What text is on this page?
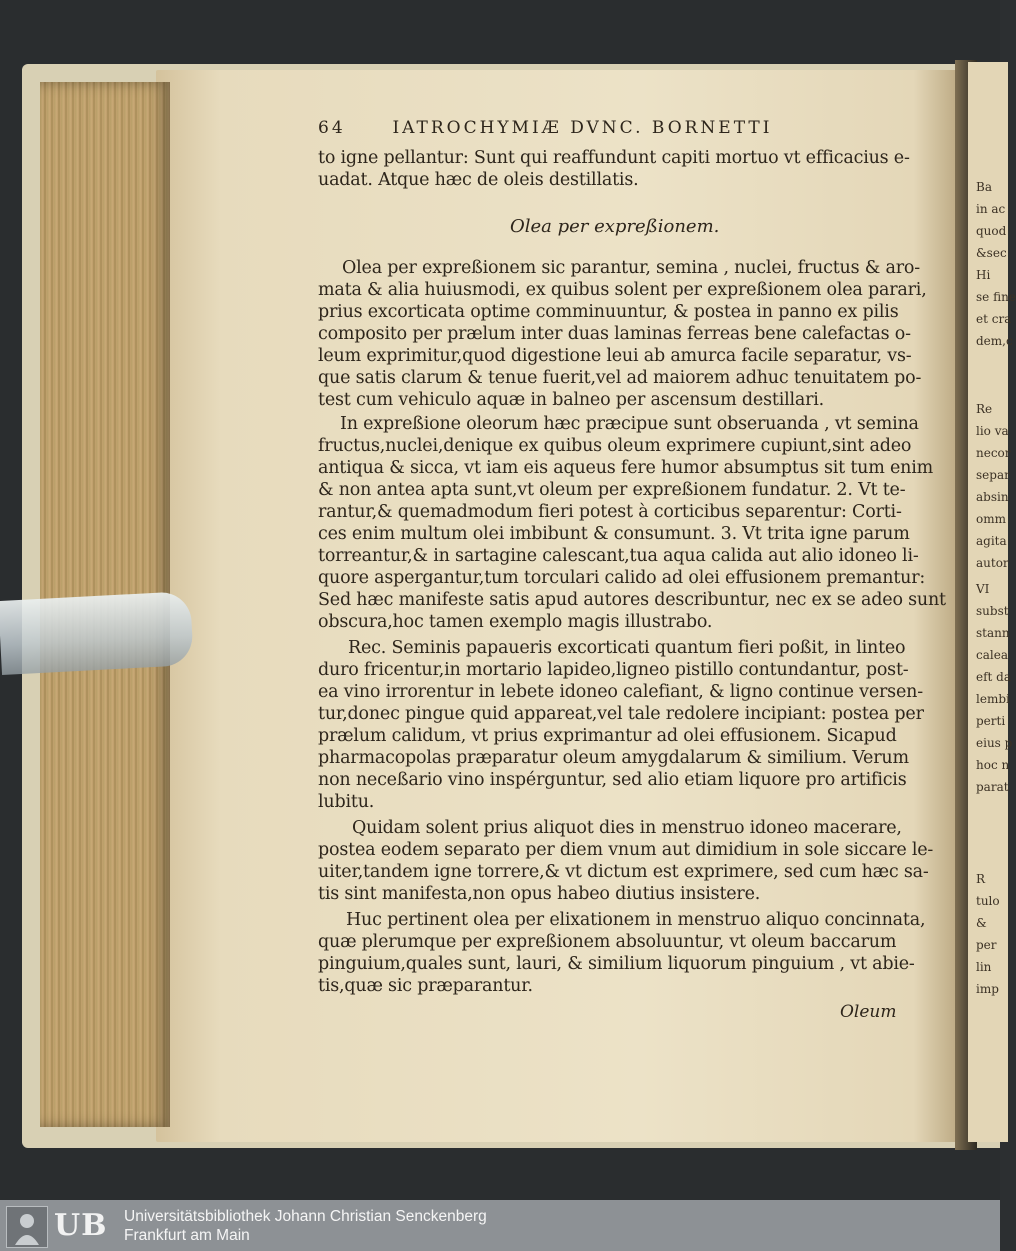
Ba
in ac
quod
&sec
Hi
se fine
et cra
dem,c
Re
lio va
necor
separ
absin
omm
agita
autor
VI
subst
stann
calea
eft da
lembi
perti
eius p
hoc n
parat
R
tulo
&
per
lin
imp
64	IATROCHYMIÆ DVNC. BORNETTI
Olea per expreßionem.
Oleum
to igne pellantur: Sunt qui reaffundunt capiti mortuo vt efficacius e-
uadat. Atque hæc de oleis destillatis.
Olea per expreßionem sic parantur, semina , nuclei, fructus & aro-
mata & alia huiusmodi, ex quibus solent per expreßionem olea parari,
prius excorticata optime comminuuntur, & postea in panno ex pilis
composito per prælum inter duas laminas ferreas bene calefactas o-
leum exprimitur,quod digestione leui ab amurca facile separatur, vs-
que satis clarum & tenue fuerit,vel ad maiorem adhuc tenuitatem po-
test cum vehiculo aquæ in balneo per ascensum destillari.
In expreßione oleorum hæc præcipue sunt obseruanda , vt semina
fructus,nuclei,denique ex quibus oleum exprimere cupiunt,sint adeo
antiqua & sicca, vt iam eis aqueus fere humor absumptus sit tum enim
& non antea apta sunt,vt oleum per expreßionem fundatur. 2. Vt te-
rantur,& quemadmodum fieri potest à corticibus separentur: Corti-
ces enim multum olei imbibunt & consumunt. 3. Vt trita igne parum
torreantur,& in sartagine calescant,tua aqua calida aut alio idoneo li-
quore aspergantur,tum torculari calido ad olei effusionem premantur:
Sed hæc manifeste satis apud autores describuntur, nec ex se adeo sunt
obscura,hoc tamen exemplo magis illustrabo.
Rec. Seminis papaueris excorticati quantum fieri poßit, in linteo
duro fricentur,in mortario lapideo,ligneo pistillo contundantur, post-
ea vino irrorentur in lebete idoneo calefiant, & ligno continue versen-
tur,donec pingue quid appareat,vel tale redolere incipiant: postea per
prælum calidum, vt prius exprimantur ad olei effusionem. Sicapud
pharmacopolas præparatur oleum amygdalarum & similium. Verum
non neceßario vino inspérguntur, sed alio etiam liquore pro artificis
lubitu.
Quidam solent prius aliquot dies in menstruo idoneo macerare,
postea eodem separato per diem vnum aut dimidium in sole siccare le-
uiter,tandem igne torrere,& vt dictum est exprimere, sed cum hæc sa-
tis sint manifesta,non opus habeo diutius insistere.
Huc pertinent olea per elixationem in menstruo aliquo concinnata,
quæ plerumque per expreßionem absoluuntur, vt oleum baccarum
pinguium,quales sunt, lauri, & similium liquorum pinguium , vt abie-
tis,quæ sic præparantur.
UB Universitätsbibliothek Johann Christian Senckenberg
Frankfurt am Main
